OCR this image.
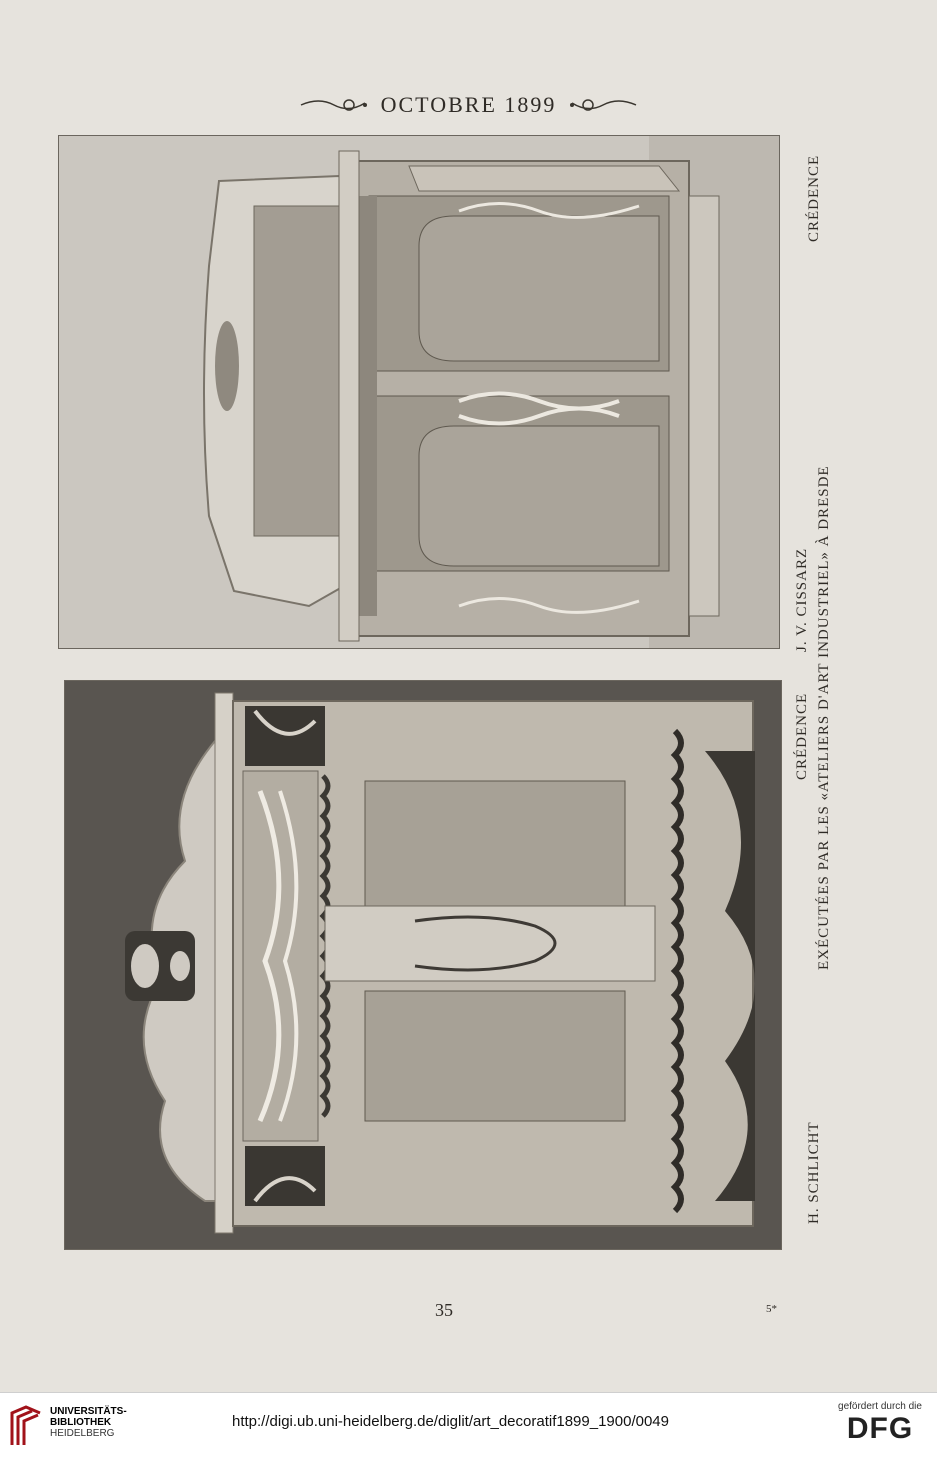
OCTOBRE 1899
CRÉDENCE
J. V. CISSARZ
CRÉDENCE EXÉCUTÉES PAR LES «ATELIERS D'ART INDUSTRIEL» À DRESDE
H. SCHLICHT
35	5*
UNIVERSITÄTS-
BIBLIOTHEK
HEIDELBERG
http://digi.ub.uni-heidelberg.de/diglit/art_decoratif1899_1900/0049
gefördert durch die
DFG
